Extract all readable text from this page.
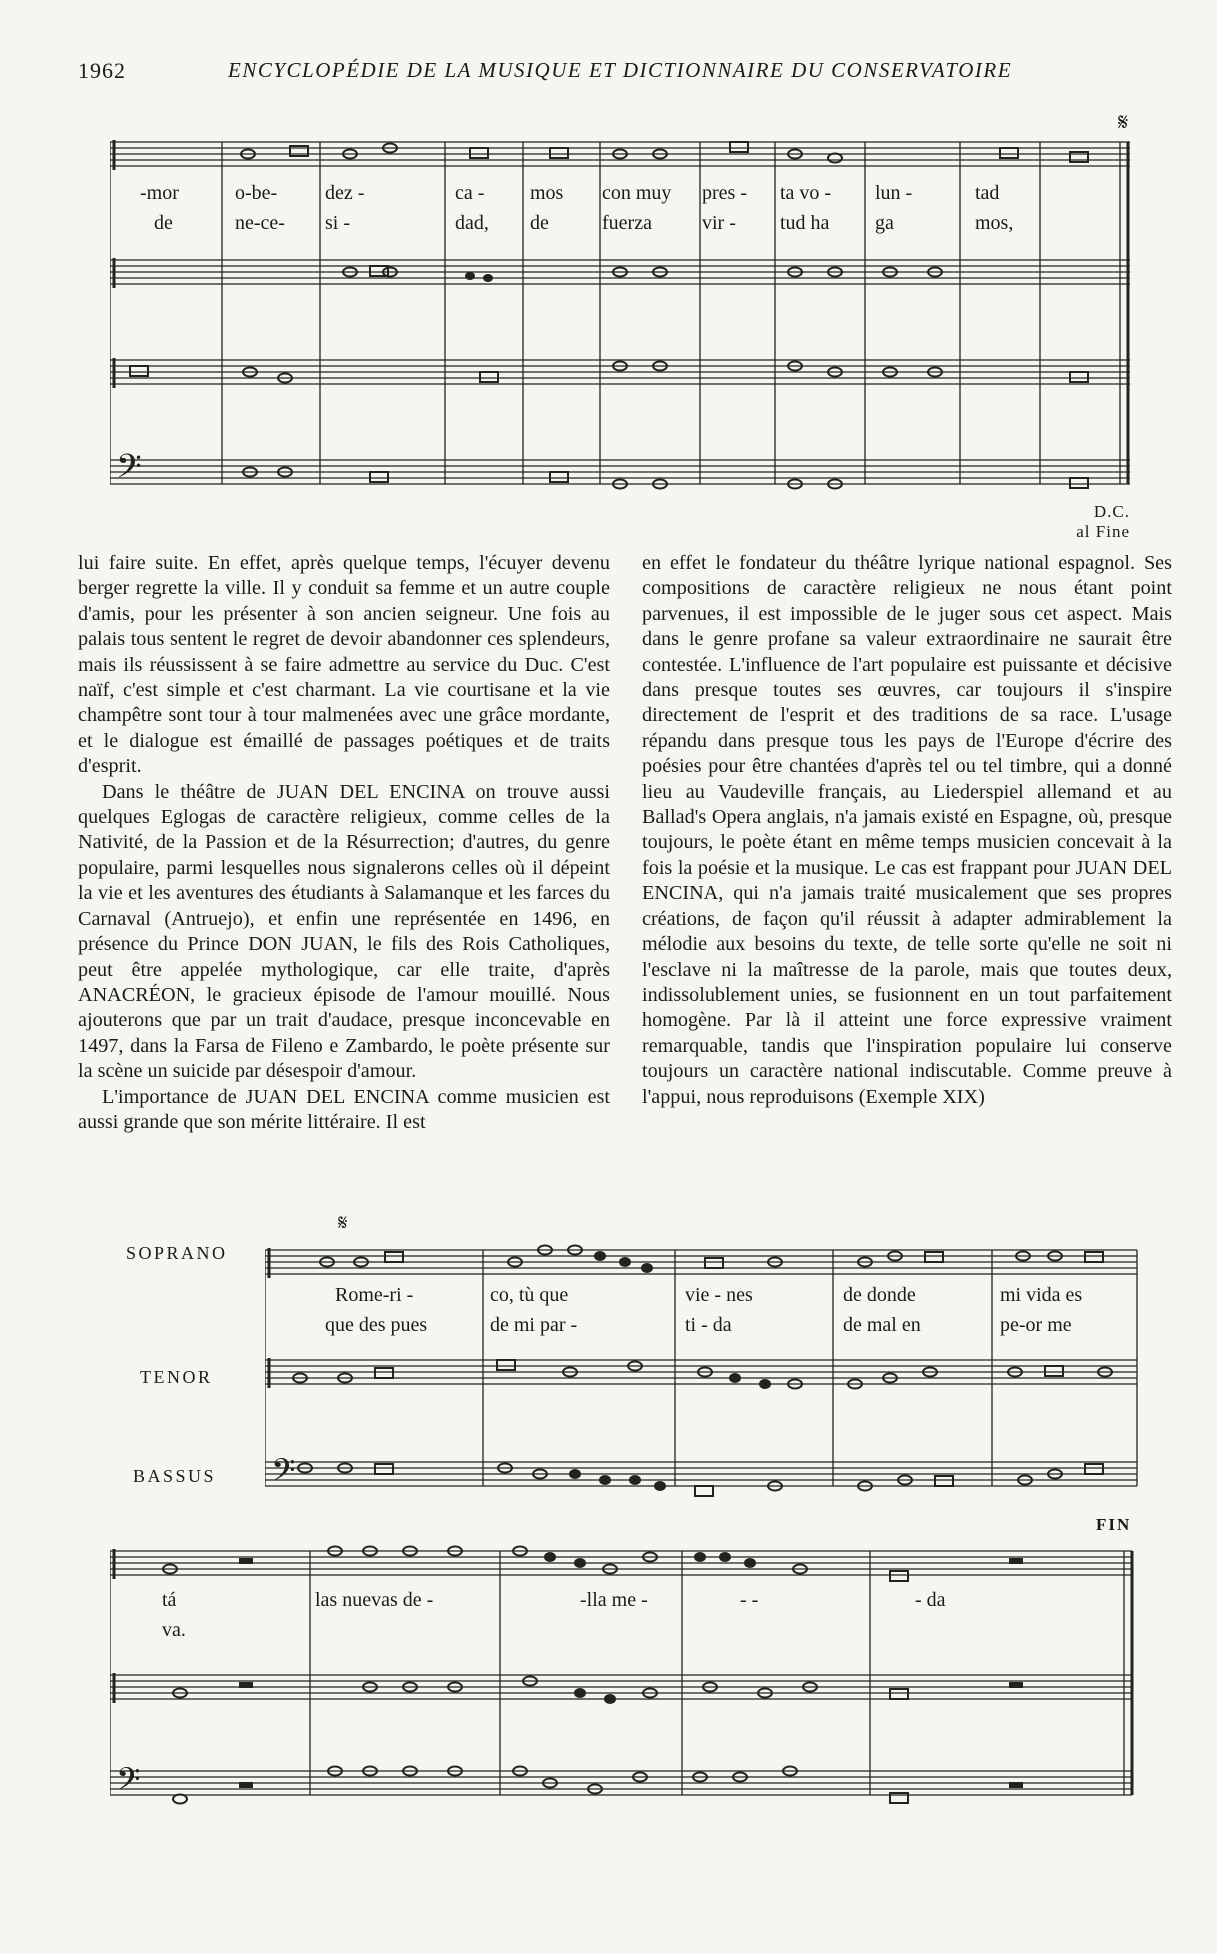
1962	ENCYCLOPÉDIE DE LA MUSIQUE ET DICTIONNAIRE DU CONSERVATOIRE
𝄋
𝄢
-mor
de
o-be-
ne-ce-
dez -
si -
ca -
dad,
mos
de
con muy
fuerza
pres -
vir -
ta vo -
tud ha
lun -
ga
tad
mos,
D.C.
al Fine

lui faire suite. En effet, après quelque temps, l'écuyer devenu berger regrette la ville. Il y conduit sa femme et un autre couple d'amis, pour les présenter à son ancien seigneur. Une fois au palais tous sentent le regret de devoir abandonner ces splendeurs, mais ils réussissent à se faire admettre au service du Duc. C'est naïf, c'est simple et c'est charmant. La vie courtisane et la vie champêtre sont tour à tour malmenées avec une grâce mordante, et le dialogue est émaillé de passages poétiques et de traits d'esprit.

Dans le théâtre de JUAN DEL ENCINA on trouve aussi quelques Eglogas de caractère religieux, comme celles de la Nativité, de la Passion et de la Résurrection; d'autres, du genre populaire, parmi lesquelles nous signalerons celles où il dépeint la vie et les aventures des étudiants à Salamanque et les farces du Carnaval (Antruejo), et enfin une représentée en 1496, en présence du Prince DON JUAN, le fils des Rois Catholiques, peut être appelée mythologique, car elle traite, d'après ANACRÉON, le gracieux épisode de l'amour mouillé. Nous ajouterons que par un trait d'audace, presque inconcevable en 1497, dans la Farsa de Fileno e Zambardo, le poète présente sur la scène un suicide par désespoir d'amour.

L'importance de JUAN DEL ENCINA comme musicien est aussi grande que son mérite littéraire. Il est

en effet le fondateur du théâtre lyrique national espagnol. Ses compositions de caractère religieux ne nous étant point parvenues, il est impossible de le juger sous cet aspect. Mais dans le genre profane sa valeur extraordinaire ne saurait être contestée. L'influence de l'art populaire est puissante et décisive dans presque toutes ses œuvres, car toujours il s'inspire directement de l'esprit et des traditions de sa race. L'usage répandu dans presque tous les pays de l'Europe d'écrire des poésies pour être chantées d'après tel ou tel timbre, qui a donné lieu au Vaudeville français, au Liederspiel allemand et au Ballad's Opera anglais, n'a jamais existé en Espagne, où, presque toujours, le poète étant en même temps musicien concevait à la fois la poésie et la musique. Le cas est frappant pour JUAN DEL ENCINA, qui n'a jamais traité musicalement que ses propres créations, de façon qu'il réussit à adapter admirablement la mélodie aux besoins du texte, de telle sorte qu'elle ne soit ni l'esclave ni la maîtresse de la parole, mais que toutes deux, indissolublement unies, se fusionnent en un tout parfaitement homogène. Par là il atteint une force expressive vraiment remarquable, tandis que l'inspiration populaire lui conserve toujours un caractère national indiscutable. Comme preuve à l'appui, nous reproduisons (Exemple XIX)

𝄋
SOPRANO
TENOR
BASSUS 𝄢
Rome-ri -
que des pues
co, tù que
de mi par -
vie - nes
ti - da
de donde
de mal en
mi vida es
pe-or me
FIN
𝄢
tá
va.
las nuevas de -	-lla me -	- -	- da
